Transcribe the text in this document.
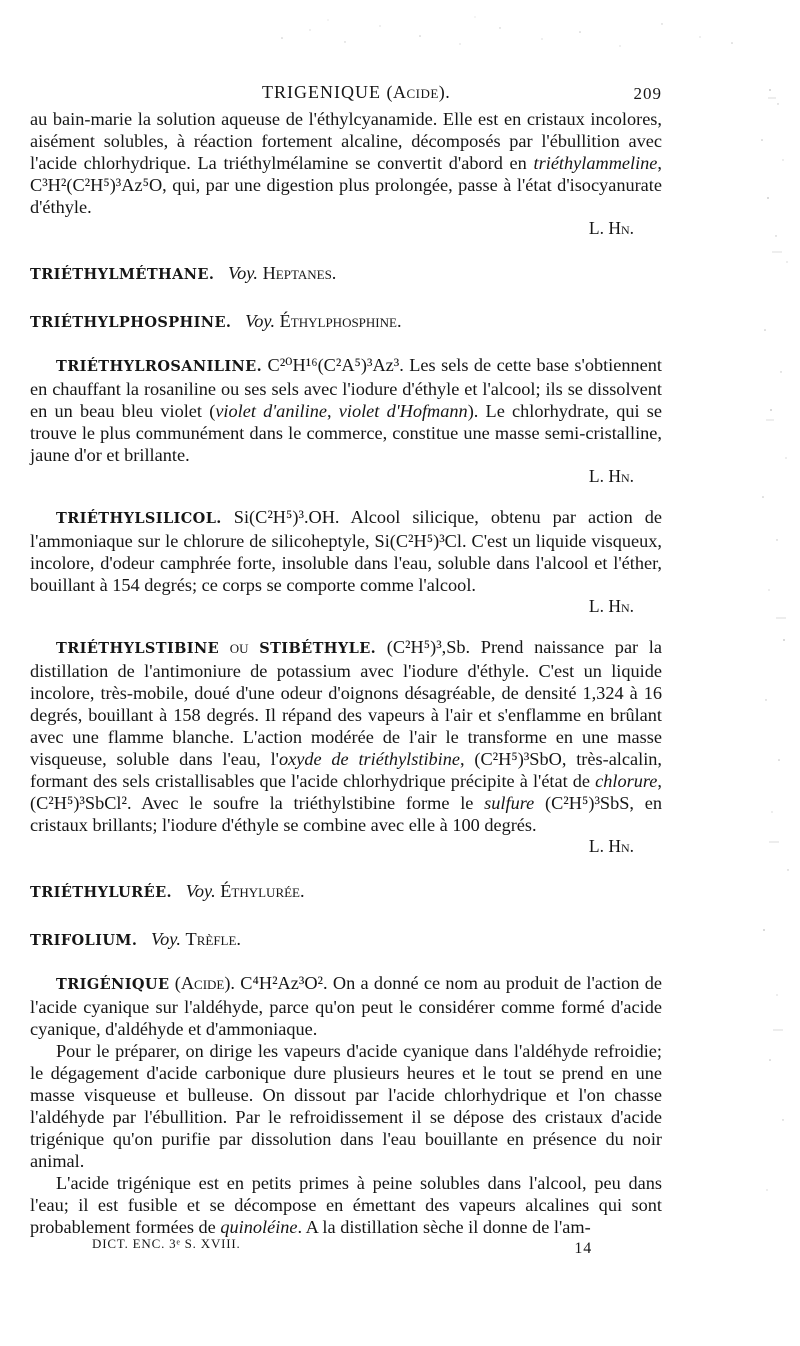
TRIGENIQUE (Acide).	209

au bain-marie la solution aqueuse de l'éthylcyanamide. Elle est en cristaux incolores, aisément solubles, à réaction fortement alcaline, décomposés par l'ébullition avec l'acide chlorhydrique. La triéthylmélamine se convertit d'abord en triéthylammeline, C³H²(C²H⁵)³Az⁵O, qui, par une digestion plus prolongée, passe à l'état d'isocyanurate d'éthyle.

L. Hn.

TRIÉTHYLMÉTHANE. Voy. Heptanes.

TRIÉTHYLPHOSPHINE. Voy. Éthylphosphine.

TRIÉTHYLROSANILINE. C²⁰H¹⁶(C²A⁵)³Az³. Les sels de cette base s'obtiennent en chauffant la rosaniline ou ses sels avec l'iodure d'éthyle et l'alcool; ils se dissolvent en un beau bleu violet (violet d'aniline, violet d'Hofmann). Le chlorhydrate, qui se trouve le plus communément dans le commerce, constitue une masse semi-cristalline, jaune d'or et brillante.

L. Hn.

TRIÉTHYLSILICOL. Si(C²H⁵)³.OH. Alcool silicique, obtenu par action de l'ammoniaque sur le chlorure de silicoheptyle, Si(C²H⁵)³Cl. C'est un liquide visqueux, incolore, d'odeur camphrée forte, insoluble dans l'eau, soluble dans l'alcool et l'éther, bouillant à 154 degrés; ce corps se comporte comme l'alcool.

L. Hn.

TRIÉTHYLSTIBINE ou STIBÉTHYLE. (C²H⁵)³,Sb. Prend naissance par la distillation de l'antimoniure de potassium avec l'iodure d'éthyle. C'est un liquide incolore, très-mobile, doué d'une odeur d'oignons désagréable, de densité 1,324 à 16 degrés, bouillant à 158 degrés. Il répand des vapeurs à l'air et s'enflamme en brûlant avec une flamme blanche. L'action modérée de l'air le transforme en une masse visqueuse, soluble dans l'eau, l'oxyde de triéthylstibine, (C²H⁵)³SbO, très-alcalin, formant des sels cristallisables que l'acide chlorhydrique précipite à l'état de chlorure, (C²H⁵)³SbCl². Avec le soufre la triéthylstibine forme le sulfure (C²H⁵)³SbS, en cristaux brillants; l'iodure d'éthyle se combine avec elle à 100 degrés.

L. Hn.

TRIÉTHYLURÉE. Voy. Éthylurée.

TRIFOLIUM. Voy. Trèfle.

TRIGÉNIQUE (Acide). C⁴H²Az³O². On a donné ce nom au produit de l'action de l'acide cyanique sur l'aldéhyde, parce qu'on peut le considérer comme formé d'acide cyanique, d'aldéhyde et d'ammoniaque.

Pour le préparer, on dirige les vapeurs d'acide cyanique dans l'aldéhyde refroidie; le dégagement d'acide carbonique dure plusieurs heures et le tout se prend en une masse visqueuse et bulleuse. On dissout par l'acide chlorhydrique et l'on chasse l'aldéhyde par l'ébullition. Par le refroidissement il se dépose des cristaux d'acide trigénique qu'on purifie par dissolution dans l'eau bouillante en présence du noir animal.

L'acide trigénique est en petits primes à peine solubles dans l'alcool, peu dans l'eau; il est fusible et se décompose en émettant des vapeurs alcalines qui sont probablement formées de quinoléine. A la distillation sèche il donne de l'am-

DICT. ENC. 3ᵉ S. XVIII.	14
